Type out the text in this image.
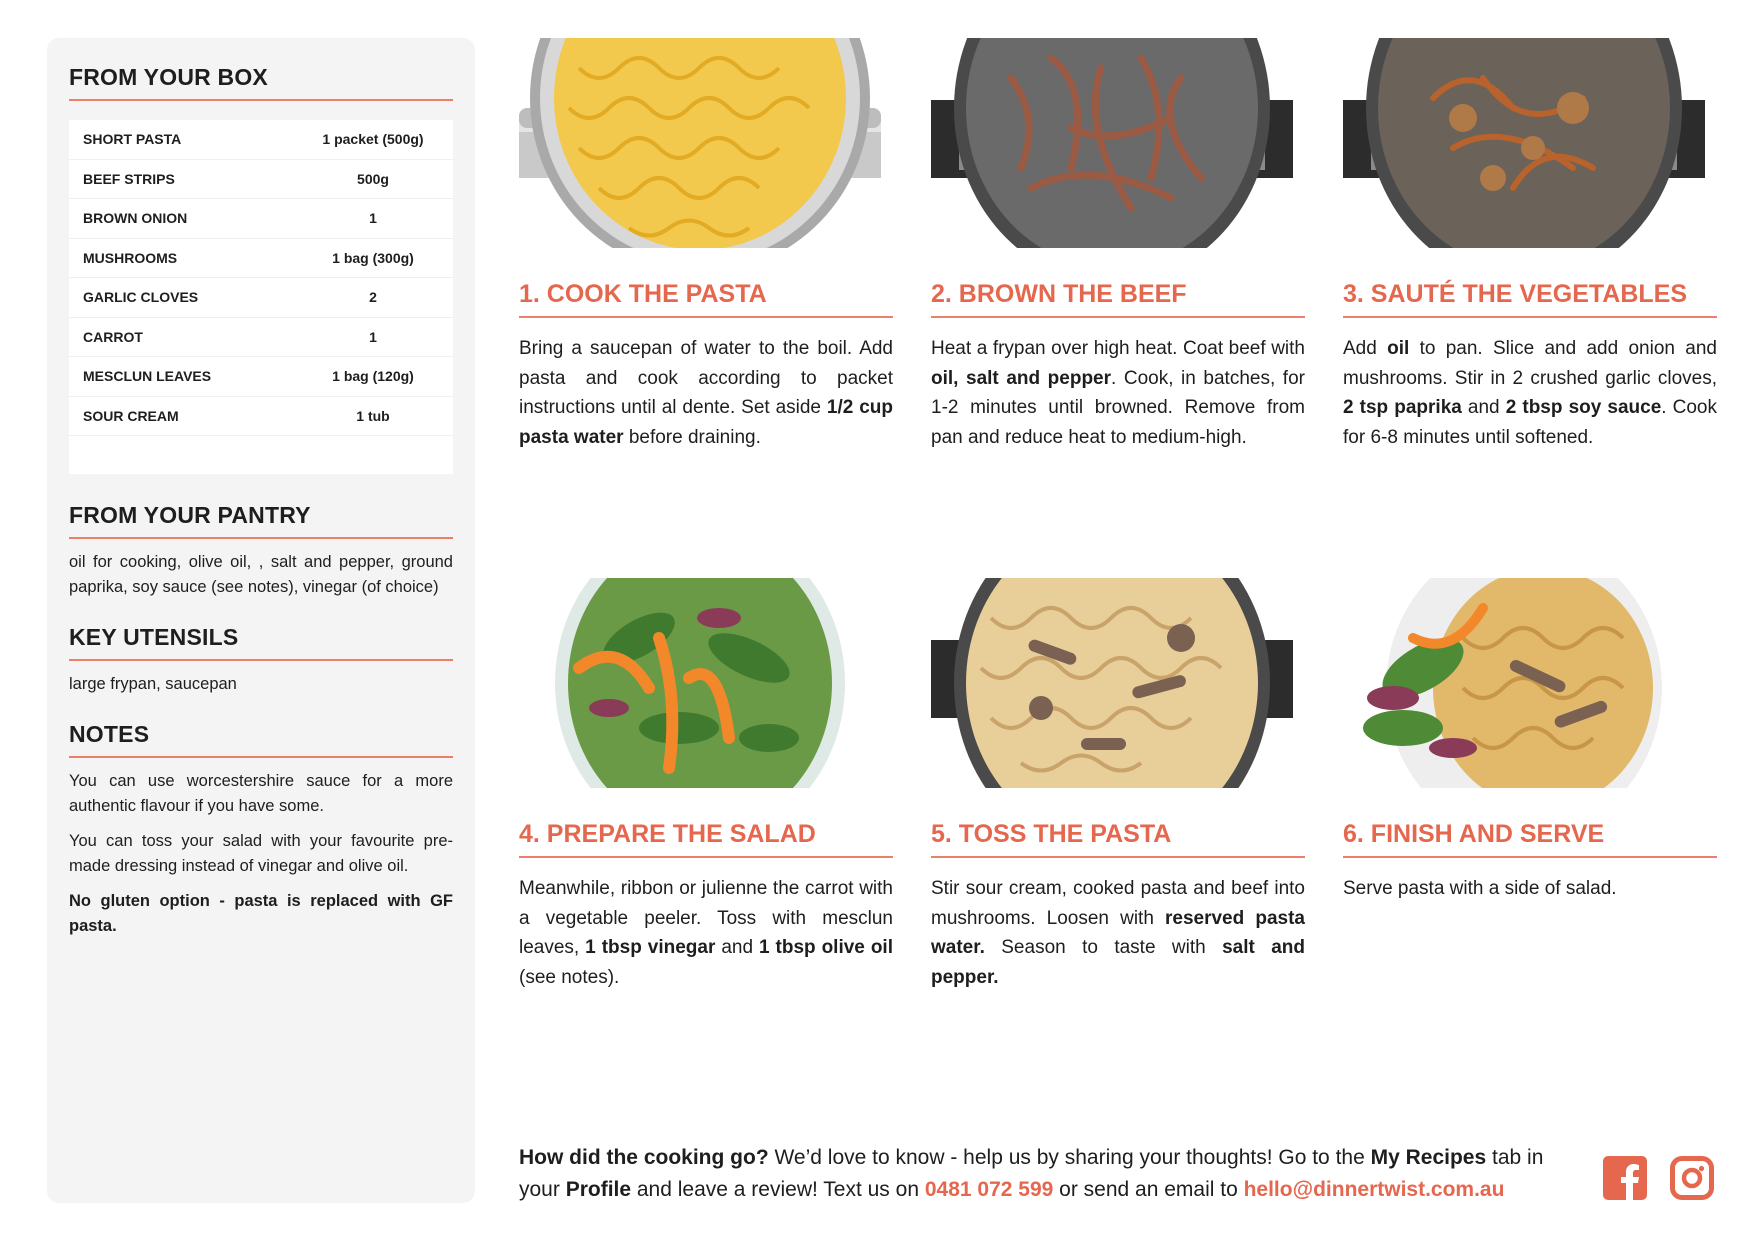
FROM YOUR BOX
SHORT PASTA	1 packet (500g)
BEEF STRIPS	500g
BROWN ONION	1
MUSHROOMS	1 bag (300g)
GARLIC CLOVES	2
CARROT	1
MESCLUN LEAVES	1 bag (120g)
SOUR CREAM	1 tub

FROM YOUR PANTRY

oil for cooking, olive oil, , salt and pepper, ground paprika, soy sauce (see notes), vinegar (of choice)

KEY UTENSILS

large frypan, saucepan

NOTES

You can use worcestershire sauce for a more authentic flavour if you have some.

You can toss your salad with your favourite pre-made dressing instead of vinegar and olive oil.

No gluten option - pasta is replaced with GF pasta.

1. COOK THE PASTA

Bring a saucepan of water to the boil. Add pasta and cook according to packet instructions until al dente. Set aside 1/2 cup pasta water before draining.

2. BROWN THE BEEF

Heat a frypan over high heat. Coat beef with oil, salt and pepper. Cook, in batches, for 1-2 minutes until browned. Remove from pan and reduce heat to medium-high.

3. SAUTÉ THE VEGETABLES

Add oil to pan. Slice and add onion and mushrooms. Stir in 2 crushed garlic cloves, 2 tsp paprika and 2 tbsp soy sauce. Cook for 6-8 minutes until softened.

4. PREPARE THE SALAD

Meanwhile, ribbon or julienne the carrot with a vegetable peeler. Toss with mesclun leaves, 1 tbsp vinegar and 1 tbsp olive oil (see notes).

5. TOSS THE PASTA

Stir sour cream, cooked pasta and beef into mushrooms. Loosen with reserved pasta water. Season to taste with salt and pepper.

6. FINISH AND SERVE

Serve pasta with a side of salad.

How did the cooking go? We’d love to know - help us by sharing your thoughts! Go to the My Recipes tab in your Profile and leave a review! Text us on 0481 072 599 or send an email to hello@dinnertwist.com.au
